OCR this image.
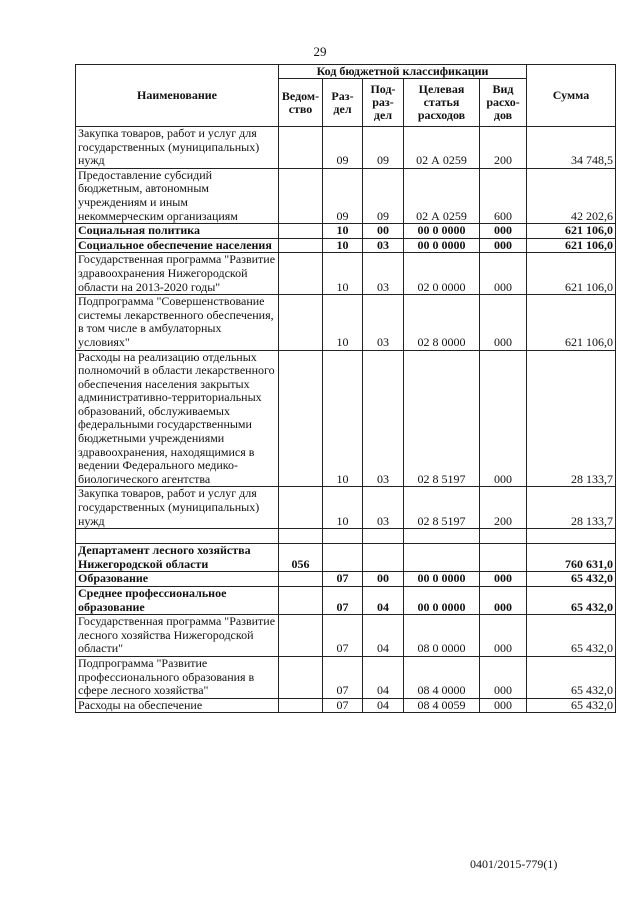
29
Наименование	Код бюджетной классификации					Сумма
	Ведом-ство	Раз-дел	Под-раз-дел	Целевая статья расходов	Вид расхо-дов	
Закупка товаров, работ и услуг для государственных (муниципальных) нужд		09	09	02 А 0259	200	34 748,5
Предоставление субсидий бюджетным, автономным учреждениям и иным некоммерческим организациям		09	09	02 А 0259	600	42 202,6
Социальная политика		10	00	00 0 0000	000	621 106,0
Социальное обеспечение населения		10	03	00 0 0000	000	621 106,0
Государственная программа "Развитие здравоохранения Нижегородской области на 2013-2020 годы"		10	03	02 0 0000	000	621 106,0
Подпрограмма "Совершенствование системы лекарственного обеспечения, в том числе в амбулаторных условиях"		10	03	02 8 0000	000	621 106,0
Расходы на реализацию отдельных полномочий в области лекарственного обеспечения населения закрытых административно-территориальных образований, обслуживаемых федеральными государственными бюджетными учреждениями здравоохранения, находящимися в ведении Федерального медико-биологического агентства		10	03	02 8 5197	000	28 133,7
Закупка товаров, работ и услуг для государственных (муниципальных) нужд		10	03	02 8 5197	200	28 133,7

Департамент лесного хозяйства Нижегородской области	056					760 631,0
Образование		07	00	00 0 0000	000	65 432,0
Среднее профессиональное образование		07	04	00 0 0000	000	65 432,0
Государственная программа "Развитие лесного хозяйства Нижегородской области"		07	04	08 0 0000	000	65 432,0
Подпрограмма "Развитие профессионального образования в сфере лесного хозяйства"		07	04	08 4 0000	000	65 432,0
Расходы на обеспечение		07	04	08 4 0059	000	65 432,0
0401/2015-779(1)
